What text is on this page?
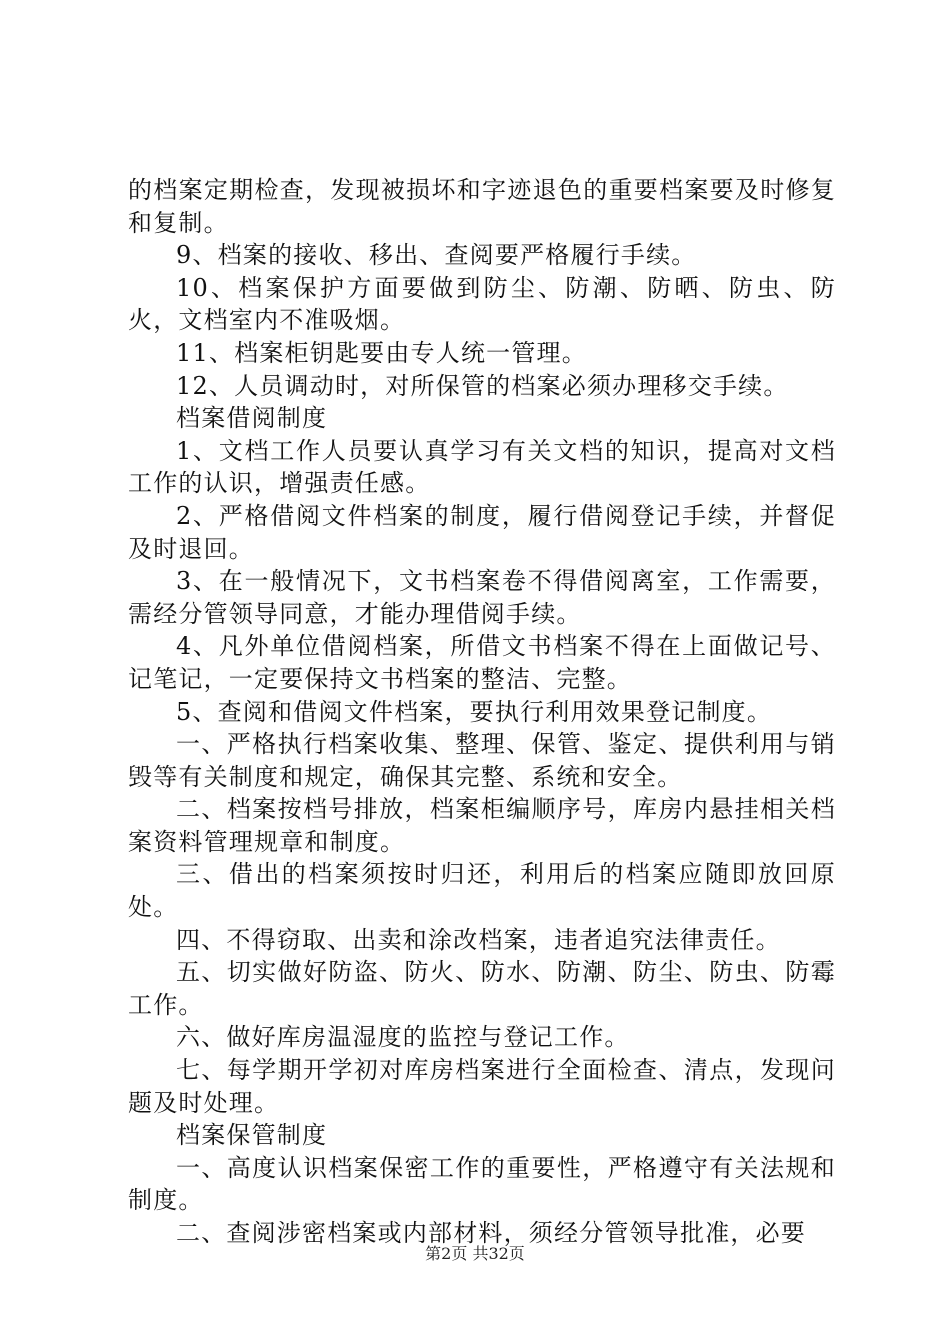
的档案定期检查，发现被损坏和字迹退色的重要档案要及时修复和复制。

9、档案的接收、移出、查阅要严格履行手续。

10、档案保护方面要做到防尘、防潮、防晒、防虫、防火，文档室内不准吸烟。

11、档案柜钥匙要由专人统一管理。

12、人员调动时，对所保管的档案必须办理移交手续。

档案借阅制度

1、文档工作人员要认真学习有关文档的知识，提高对文档工作的认识，增强责任感。

2、严格借阅文件档案的制度，履行借阅登记手续，并督促及时退回。

3、在一般情况下，文书档案卷不得借阅离室，工作需要，需经分管领导同意，才能办理借阅手续。

4、凡外单位借阅档案，所借文书档案不得在上面做记号、记笔记，一定要保持文书档案的整洁、完整。

5、查阅和借阅文件档案，要执行利用效果登记制度。

一、严格执行档案收集、整理、保管、鉴定、提供利用与销毁等有关制度和规定，确保其完整、系统和安全。

二、档案按档号排放，档案柜编顺序号，库房内悬挂相关档案资料管理规章和制度。

三、借出的档案须按时归还，利用后的档案应随即放回原处。

四、不得窃取、出卖和涂改档案，违者追究法律责任。

五、切实做好防盗、防火、防水、防潮、防尘、防虫、防霉工作。

六、做好库房温湿度的监控与登记工作。

七、每学期开学初对库房档案进行全面检查、清点，发现问题及时处理。

档案保管制度

一、高度认识档案保密工作的重要性，严格遵守有关法规和制度。

二、查阅涉密档案或内部材料，须经分管领导批准，必要

第2页 共32页
